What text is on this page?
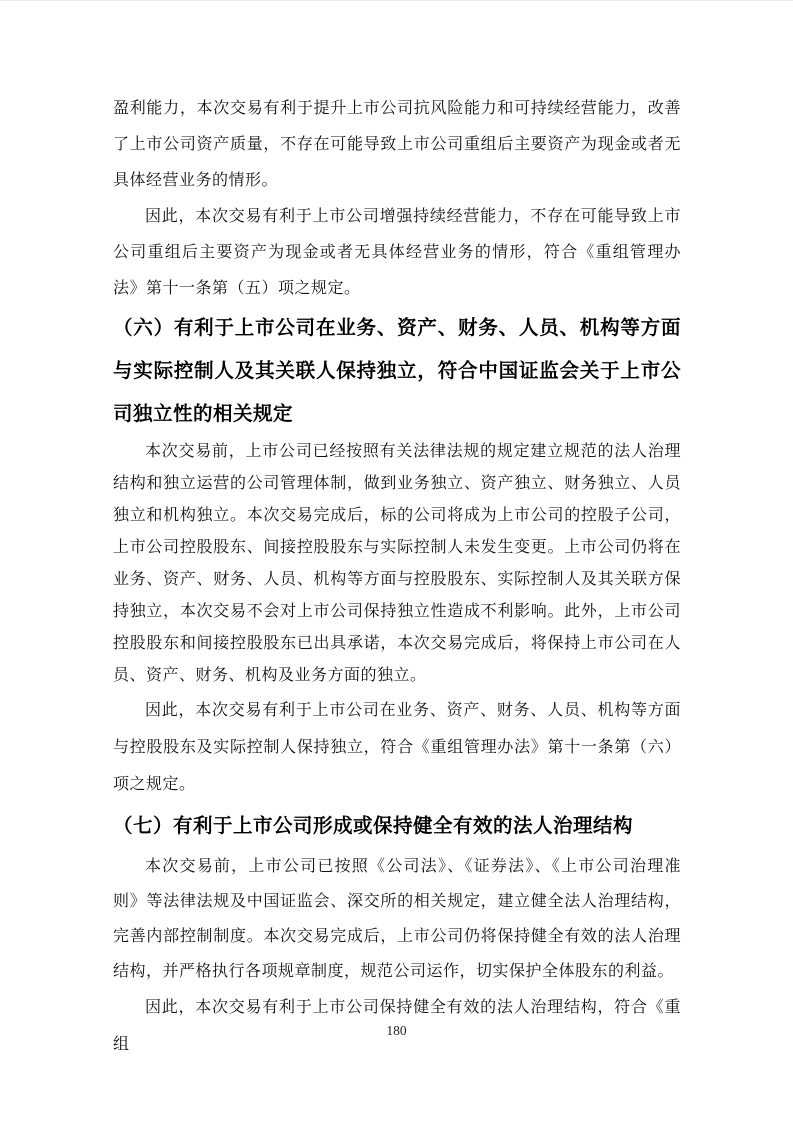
盈利能力，本次交易有利于提升上市公司抗风险能力和可持续经营能力，改善了上市公司资产质量，不存在可能导致上市公司重组后主要资产为现金或者无具体经营业务的情形。

因此，本次交易有利于上市公司增强持续经营能力，不存在可能导致上市公司重组后主要资产为现金或者无具体经营业务的情形，符合《重组管理办法》第十一条第（五）项之规定。

（六）有利于上市公司在业务、资产、财务、人员、机构等方面与实际控制人及其关联人保持独立，符合中国证监会关于上市公司独立性的相关规定

本次交易前，上市公司已经按照有关法律法规的规定建立规范的法人治理结构和独立运营的公司管理体制，做到业务独立、资产独立、财务独立、人员独立和机构独立。本次交易完成后，标的公司将成为上市公司的控股子公司，上市公司控股股东、间接控股股东与实际控制人未发生变更。上市公司仍将在业务、资产、财务、人员、机构等方面与控股股东、实际控制人及其关联方保持独立，本次交易不会对上市公司保持独立性造成不利影响。此外，上市公司控股股东和间接控股股东已出具承诺，本次交易完成后，将保持上市公司在人员、资产、财务、机构及业务方面的独立。

因此，本次交易有利于上市公司在业务、资产、财务、人员、机构等方面与控股股东及实际控制人保持独立，符合《重组管理办法》第十一条第（六）项之规定。

（七）有利于上市公司形成或保持健全有效的法人治理结构

本次交易前，上市公司已按照《公司法》、《证券法》、《上市公司治理准则》等法律法规及中国证监会、深交所的相关规定，建立健全法人治理结构，完善内部控制制度。本次交易完成后，上市公司仍将保持健全有效的法人治理结构，并严格执行各项规章制度，规范公司运作，切实保护全体股东的利益。

因此，本次交易有利于上市公司保持健全有效的法人治理结构，符合《重组

180
